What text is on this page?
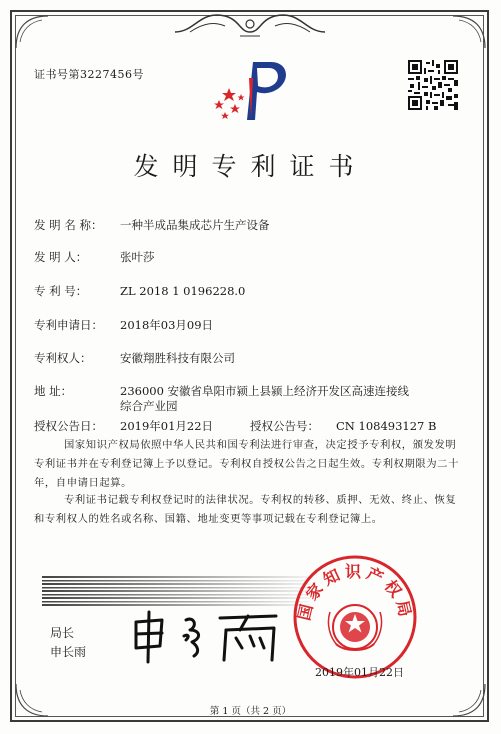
证书号第3227456号
发明专利证书
发 明 名 称： 一种半成品集成芯片生产设备
发 明 人：	张叶莎
专 利 号：	ZL 2018 1 0196228.0
专利申请日： 2018年03月09日
专利权人： 安徽翔胜科技有限公司
地 址：	236000 安徽省阜阳市颍上县颍上经济开发区高速连接线
综合产业园
授权公告日： 2019年01月22日	授权公告号： CN 108493127 B

国家知识产权局依照中华人民共和国专利法进行审查，决定授予专利权，颁发发明专利证书并在专利登记簿上予以登记。专利权自授权公告之日起生效。专利权期限为二十年，自申请日起算。

专利证书记载专利权登记时的法律状况。专利权的转移、质押、无效、终止、恢复和专利权人的姓名或名称、国籍、地址变更等事项记载在专利登记簿上。

局长
申长雨
国家知识产权局
2019年01月22日
第 1 页（共 2 页）
